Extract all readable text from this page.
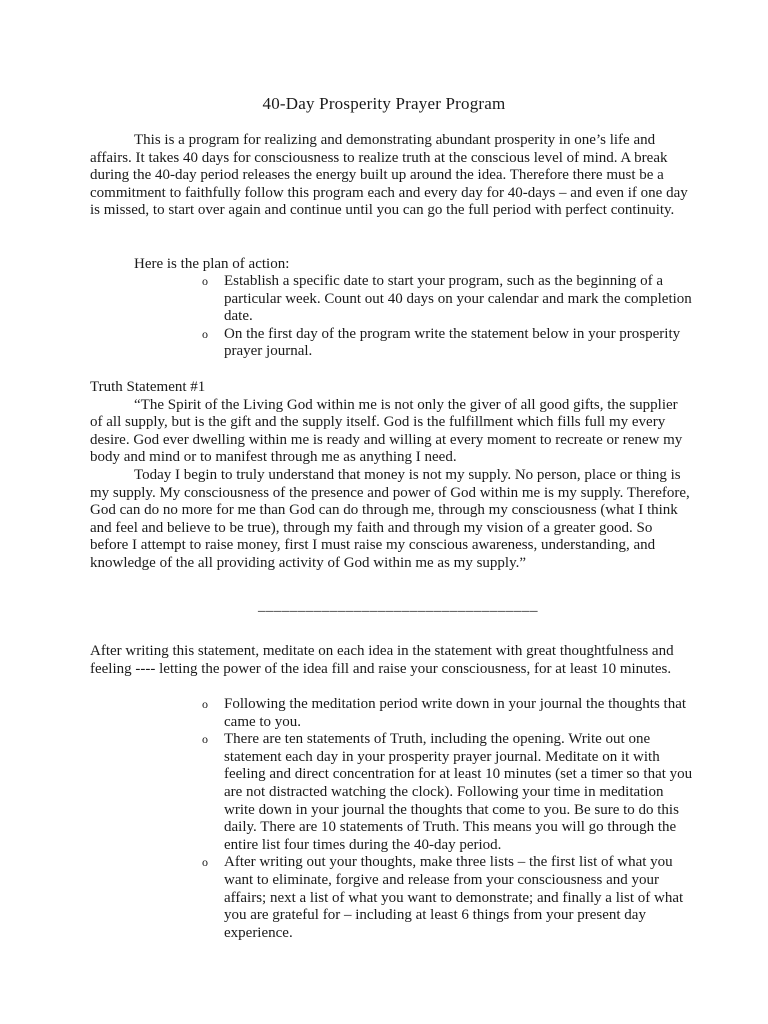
40-Day Prosperity Prayer Program

This is a program for realizing and demonstrating abundant prosperity in one’s life and affairs. It takes 40 days for consciousness to realize truth at the conscious level of mind. A break during the 40-day period releases the energy built up around the idea. Therefore there must be a commitment to faithfully follow this program each and every day for 40-days – and even if one day is missed, to start over again and continue until you can go the full period with perfect continuity.

Here is the plan of action:
o Establish a specific date to start your program, such as the beginning of a particular week. Count out 40 days on your calendar and mark the completion date.
o On the first day of the program write the statement below in your prosperity prayer journal.

Truth Statement #1

“The Spirit of the Living God within me is not only the giver of all good gifts, the supplier of all supply, but is the gift and the supply itself. God is the fulfillment which fills full my every desire. God ever dwelling within me is ready and willing at every moment to recreate or renew my body and mind or to manifest through me as anything I need.

Today I begin to truly understand that money is not my supply. No person, place or thing is my supply. My consciousness of the presence and power of God within me is my supply. Therefore, God can do no more for me than God can do through me, through my consciousness (what I think and feel and believe to be true), through my faith and through my vision of a greater good. So before I attempt to raise money, first I must raise my conscious awareness, understanding, and knowledge of the all providing activity of God within me as my supply.”

___________________________________

After writing this statement, meditate on each idea in the statement with great thoughtfulness and feeling ---- letting the power of the idea fill and raise your consciousness, for at least 10 minutes.

o Following the meditation period write down in your journal the thoughts that came to you.
o There are ten statements of Truth, including the opening. Write out one statement each day in your prosperity prayer journal. Meditate on it with feeling and direct concentration for at least 10 minutes (set a timer so that you are not distracted watching the clock). Following your time in meditation write down in your journal the thoughts that come to you. Be sure to do this daily. There are 10 statements of Truth. This means you will go through the entire list four times during the 40-day period.
o After writing out your thoughts, make three lists – the first list of what you want to eliminate, forgive and release from your consciousness and your affairs; next a list of what you want to demonstrate; and finally a list of what you are grateful for – including at least 6 things from your present day experience.
